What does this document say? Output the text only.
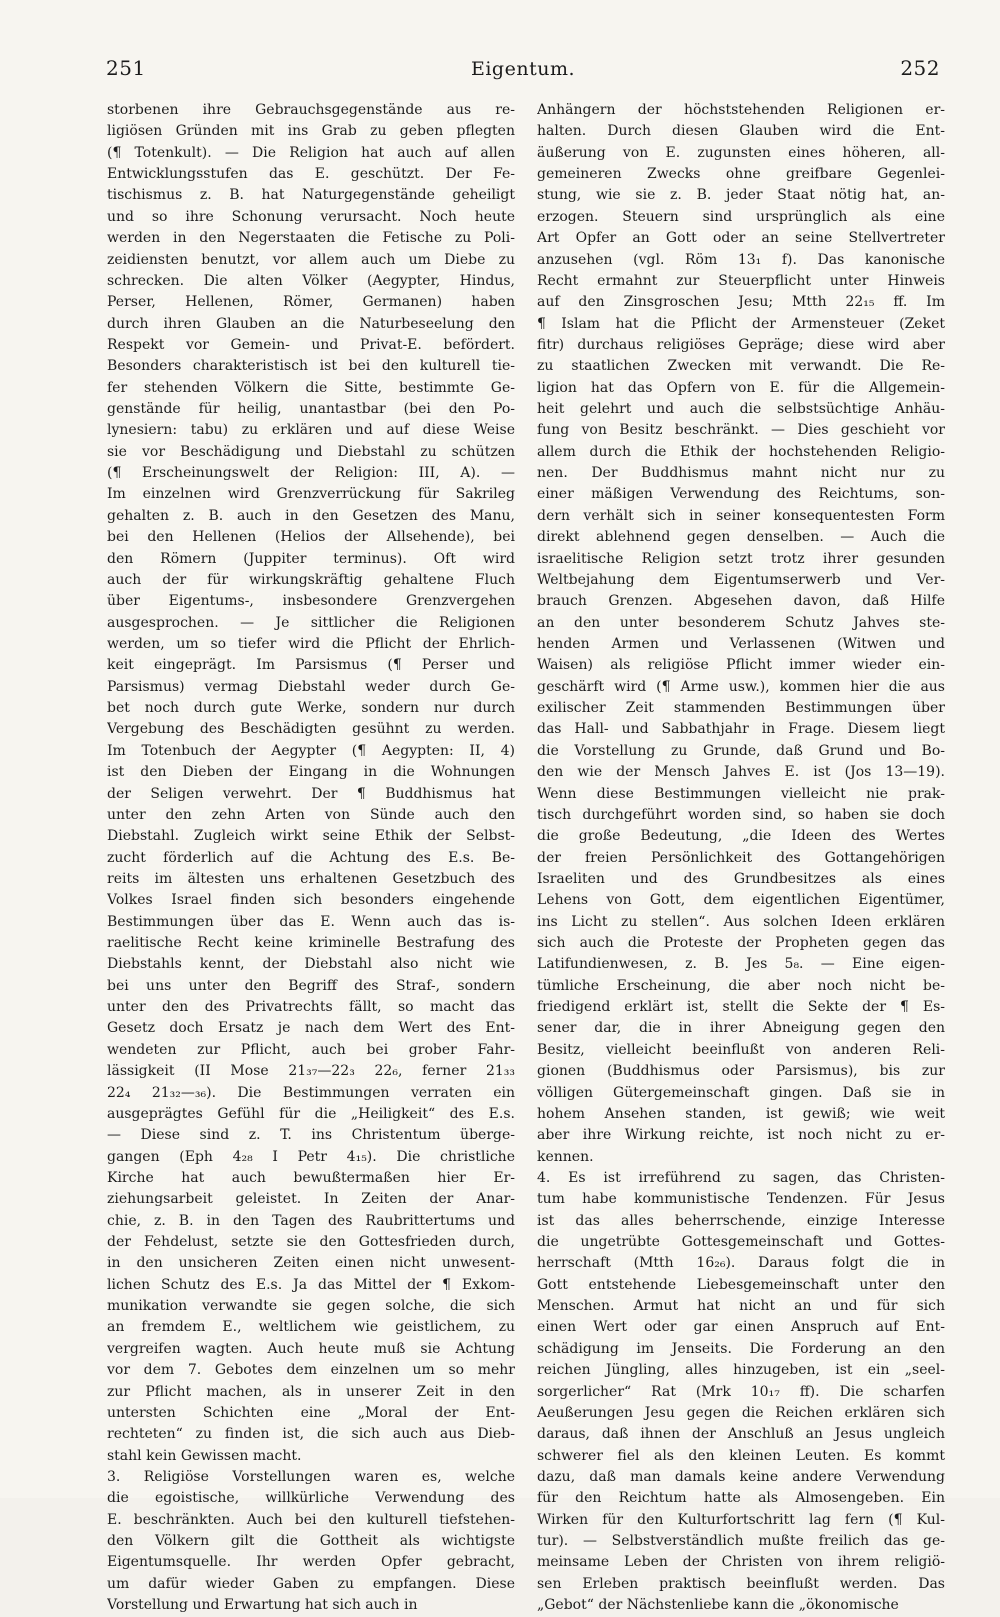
251	Eigentum.	252
storbenen ihre Gebrauchsgegenstände aus re-
ligiösen Gründen mit ins Grab zu geben pflegten
(¶ Totenkult). — Die Religion hat auch auf allen
Entwicklungsstufen das E. geschützt. Der Fe-
tischismus z. B. hat Naturgegenstände geheiligt
und so ihre Schonung verursacht. Noch heute
werden in den Negerstaaten die Fetische zu Poli-
zeidiensten benutzt, vor allem auch um Diebe zu
schrecken. Die alten Völker (Aegypter, Hindus,
Perser, Hellenen, Römer, Germanen) haben
durch ihren Glauben an die Naturbeseelung den
Respekt vor Gemein- und Privat-E. befördert.
Besonders charakteristisch ist bei den kulturell tie-
fer stehenden Völkern die Sitte, bestimmte Ge-
genstände für heilig, unantastbar (bei den Po-
lynesiern: tabu) zu erklären und auf diese Weise
sie vor Beschädigung und Diebstahl zu schützen
(¶ Erscheinungswelt der Religion: III, A). —
Im einzelnen wird Grenzverrückung für Sakrileg
gehalten z. B. auch in den Gesetzen des Manu,
bei den Hellenen (Helios der Allsehende), bei
den Römern (Juppiter terminus). Oft wird
auch der für wirkungskräftig gehaltene Fluch
über Eigentums-, insbesondere Grenzvergehen
ausgesprochen. — Je sittlicher die Religionen
werden, um so tiefer wird die Pflicht der Ehrlich-
keit eingeprägt. Im Parsismus (¶ Perser und
Parsismus) vermag Diebstahl weder durch Ge-
bet noch durch gute Werke, sondern nur durch
Vergebung des Beschädigten gesühnt zu werden.
Im Totenbuch der Aegypter (¶ Aegypten: II, 4)
ist den Dieben der Eingang in die Wohnungen
der Seligen verwehrt. Der ¶ Buddhismus hat
unter den zehn Arten von Sünde auch den
Diebstahl. Zugleich wirkt seine Ethik der Selbst-
zucht förderlich auf die Achtung des E.s. Be-
reits im ältesten uns erhaltenen Gesetzbuch des
Volkes Israel finden sich besonders eingehende
Bestimmungen über das E. Wenn auch das is-
raelitische Recht keine kriminelle Bestrafung des
Diebstahls kennt, der Diebstahl also nicht wie
bei uns unter den Begriff des Straf-, sondern
unter den des Privatrechts fällt, so macht das
Gesetz doch Ersatz je nach dem Wert des Ent-
wendeten zur Pflicht, auch bei grober Fahr-
lässigkeit (II Mose 21₃₇—22₃ 22₆, ferner 21₃₃
22₄ 21₃₂—₃₆). Die Bestimmungen verraten ein
ausgeprägtes Gefühl für die „Heiligkeit“ des E.s.
— Diese sind z. T. ins Christentum überge-
gangen (Eph 4₂₈ I Petr 4₁₅). Die christliche
Kirche hat auch bewußtermaßen hier Er-
ziehungsarbeit geleistet. In Zeiten der Anar-
chie, z. B. in den Tagen des Raubrittertums und
der Fehdelust, setzte sie den Gottesfrieden durch,
in den unsicheren Zeiten einen nicht unwesent-
lichen Schutz des E.s. Ja das Mittel der ¶ Exkom-
munikation verwandte sie gegen solche, die sich
an fremdem E., weltlichem wie geistlichem, zu
vergreifen wagten. Auch heute muß sie Achtung
vor dem 7. Gebotes dem einzelnen um so mehr
zur Pflicht machen, als in unserer Zeit in den
untersten Schichten eine „Moral der Ent-
rechteten“ zu finden ist, die sich auch aus Dieb-
stahl kein Gewissen macht.
3. Religiöse Vorstellungen waren es, welche
die egoistische, willkürliche Verwendung des
E. beschränkten. Auch bei den kulturell tiefstehen-
den Völkern gilt die Gottheit als wichtigste
Eigentumsquelle. Ihr werden Opfer gebracht,
um dafür wieder Gaben zu empfangen. Diese
Vorstellung und Erwartung hat sich auch in
Anhängern der höchststehenden Religionen er-
halten. Durch diesen Glauben wird die Ent-
äußerung von E. zugunsten eines höheren, all-
gemeineren Zwecks ohne greifbare Gegenlei-
stung, wie sie z. B. jeder Staat nötig hat, an-
erzogen. Steuern sind ursprünglich als eine
Art Opfer an Gott oder an seine Stellvertreter
anzusehen (vgl. Röm 13₁ f). Das kanonische
Recht ermahnt zur Steuerpflicht unter Hinweis
auf den Zinsgroschen Jesu; Mtth 22₁₅ ff. Im
¶ Islam hat die Pflicht der Armensteuer (Zeket
fitr) durchaus religiöses Gepräge; diese wird aber
zu staatlichen Zwecken mit verwandt. Die Re-
ligion hat das Opfern von E. für die Allgemein-
heit gelehrt und auch die selbstsüchtige Anhäu-
fung von Besitz beschränkt. — Dies geschieht vor
allem durch die Ethik der hochstehenden Religio-
nen. Der Buddhismus mahnt nicht nur zu
einer mäßigen Verwendung des Reichtums, son-
dern verhält sich in seiner konsequentesten Form
direkt ablehnend gegen denselben. — Auch die
israelitische Religion setzt trotz ihrer gesunden
Weltbejahung dem Eigentumserwerb und Ver-
brauch Grenzen. Abgesehen davon, daß Hilfe
an den unter besonderem Schutz Jahves ste-
henden Armen und Verlassenen (Witwen und
Waisen) als religiöse Pflicht immer wieder ein-
geschärft wird (¶ Arme usw.), kommen hier die aus
exilischer Zeit stammenden Bestimmungen über
das Hall- und Sabbathjahr in Frage. Diesem liegt
die Vorstellung zu Grunde, daß Grund und Bo-
den wie der Mensch Jahves E. ist (Jos 13—19).
Wenn diese Bestimmungen vielleicht nie prak-
tisch durchgeführt worden sind, so haben sie doch
die große Bedeutung, „die Ideen des Wertes
der freien Persönlichkeit des Gottangehörigen
Israeliten und des Grundbesitzes als eines
Lehens von Gott, dem eigentlichen Eigentümer,
ins Licht zu stellen“. Aus solchen Ideen erklären
sich auch die Proteste der Propheten gegen das
Latifundienwesen, z. B. Jes 5₈. — Eine eigen-
tümliche Erscheinung, die aber noch nicht be-
friedigend erklärt ist, stellt die Sekte der ¶ Es-
sener dar, die in ihrer Abneigung gegen den
Besitz, vielleicht beeinflußt von anderen Reli-
gionen (Buddhismus oder Parsismus), bis zur
völligen Gütergemeinschaft gingen. Daß sie in
hohem Ansehen standen, ist gewiß; wie weit
aber ihre Wirkung reichte, ist noch nicht zu er-
kennen.
4. Es ist irreführend zu sagen, das Christen-
tum habe kommunistische Tendenzen. Für Jesus
ist das alles beherrschende, einzige Interesse
die ungetrübte Gottesgemeinschaft und Gottes-
herrschaft (Mtth 16₂₆). Daraus folgt die in
Gott entstehende Liebesgemeinschaft unter den
Menschen. Armut hat nicht an und für sich
einen Wert oder gar einen Anspruch auf Ent-
schädigung im Jenseits. Die Forderung an den
reichen Jüngling, alles hinzugeben, ist ein „seel-
sorgerlicher“ Rat (Mrk 10₁₇ ff). Die scharfen
Aeußerungen Jesu gegen die Reichen erklären sich
daraus, daß ihnen der Anschluß an Jesus ungleich
schwerer fiel als den kleinen Leuten. Es kommt
dazu, daß man damals keine andere Verwendung
für den Reichtum hatte als Almosengeben. Ein
Wirken für den Kulturfortschritt lag fern (¶ Kul-
tur). — Selbstverständlich mußte freilich das ge-
meinsame Leben der Christen von ihrem religiö-
sen Erleben praktisch beeinflußt werden. Das
„Gebot“ der Nächstenliebe kann die „ökonomische
